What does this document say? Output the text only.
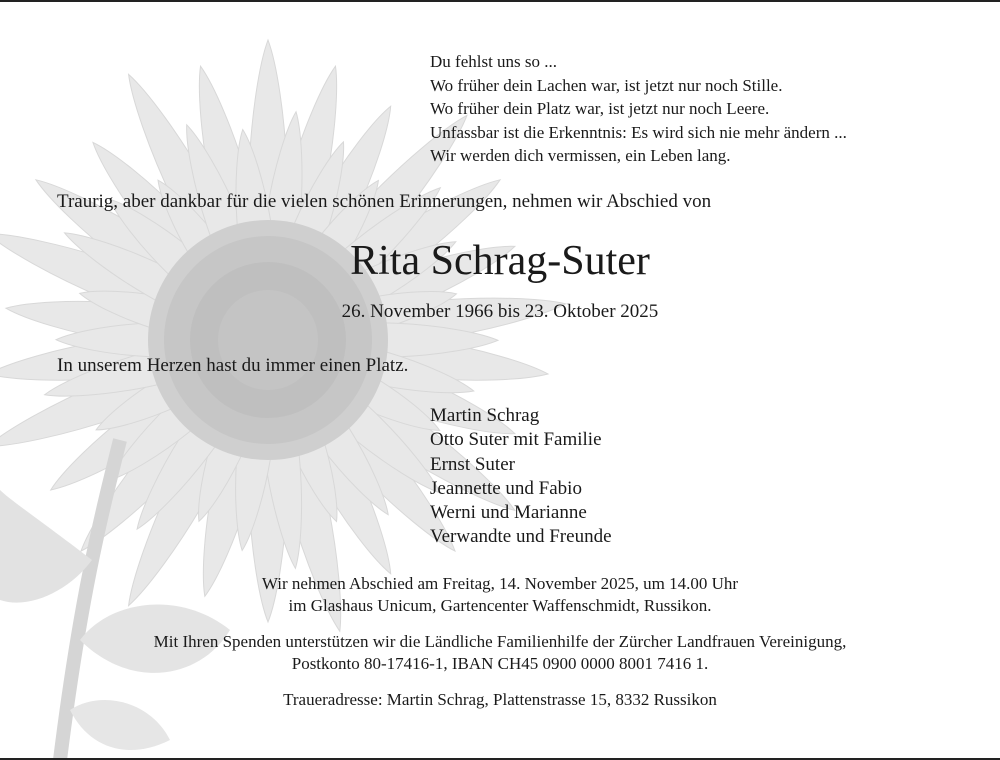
Du fehlst uns so ...
Wo früher dein Lachen war, ist jetzt nur noch Stille.
Wo früher dein Platz war, ist jetzt nur noch Leere.
Unfassbar ist die Erkenntnis: Es wird sich nie mehr ändern ...
Wir werden dich vermissen, ein Leben lang.
Traurig, aber dankbar für die vielen schönen Erinnerungen, nehmen wir Abschied von
Rita Schrag-Suter
26. November 1966 bis 23. Oktober 2025
In unserem Herzen hast du immer einen Platz.
Martin Schrag
Otto Suter mit Familie
Ernst Suter
Jeannette und Fabio
Werni und Marianne
Verwandte und Freunde
Wir nehmen Abschied am Freitag, 14. November 2025, um 14.00 Uhr
im Glashaus Unicum, Gartencenter Waffenschmidt, Russikon.
Mit Ihren Spenden unterstützen wir die Ländliche Familienhilfe der Zürcher Landfrauen Vereinigung,
Postkonto 80-17416-1, IBAN CH45 0900 0000 8001 7416 1.
Traueradresse: Martin Schrag, Plattenstrasse 15, 8332 Russikon
